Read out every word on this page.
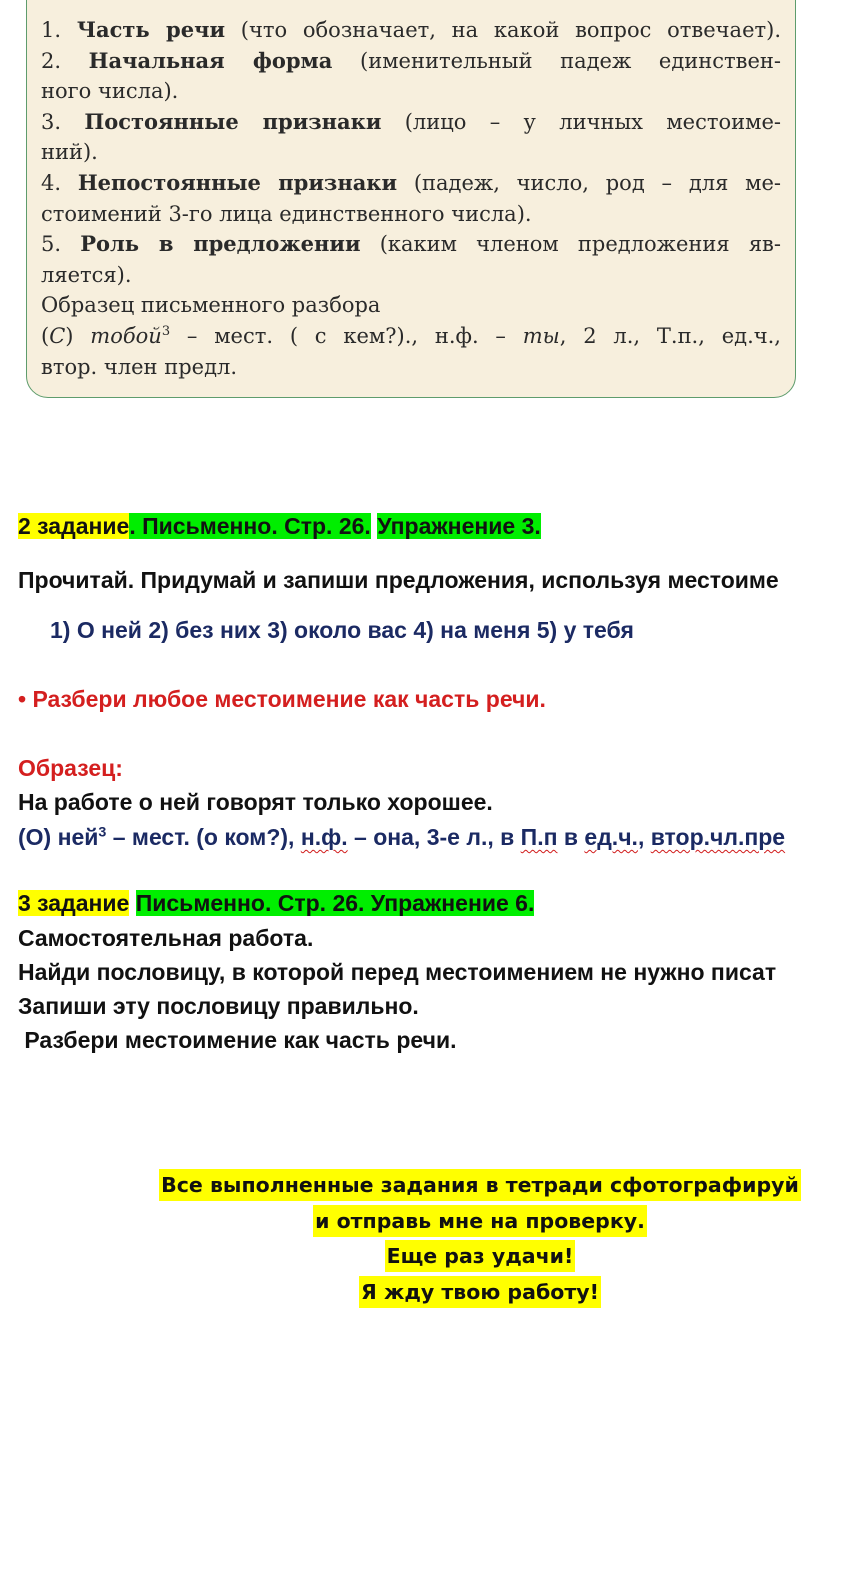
1. Часть речи (что обозначает, на какой вопрос отвечает).
2. Начальная форма (именительный падеж единствен-
ного числа).
3. Постоянные признаки (лицо – у личных местоиме-
ний).
4. Непостоянные признаки (падеж, число, род – для ме-
стоимений 3-го лица единственного числа).
5. Роль в предложении (каким членом предложения яв-
ляется).
Образец письменного разбора
(С) тобой$^3$ – мест. ( с кем?)., н.ф. – ты, 2 л., Т.п., ед.ч.,
втор. член предл.
2 задание. Письменно. Стр. 26. Упражнение 3.
Прочитай. Придумай и запиши предложения, используя местоиме
1) О ней 2) без них 3) около вас 4) на меня 5) у тебя
• Разбери любое местоимение как часть речи.
Образец:
На работе о ней говорят только хорошее.
(О) ней$^3$ – мест. (о ком?), н.ф. – она, 3-е л., в П.п в ед.ч., втор.чл.пре
3 задание Письменно. Стр. 26. Упражнение 6.
Самостоятельная работа.
Найди пословицу, в которой перед местоимением не нужно писат
Запиши эту пословицу правильно.
Разбери местоимение как часть речи.
Все выполненные задания в тетради сфотографируй
и отправь мне на проверку.
Еще раз удачи!
Я жду твою работу!
